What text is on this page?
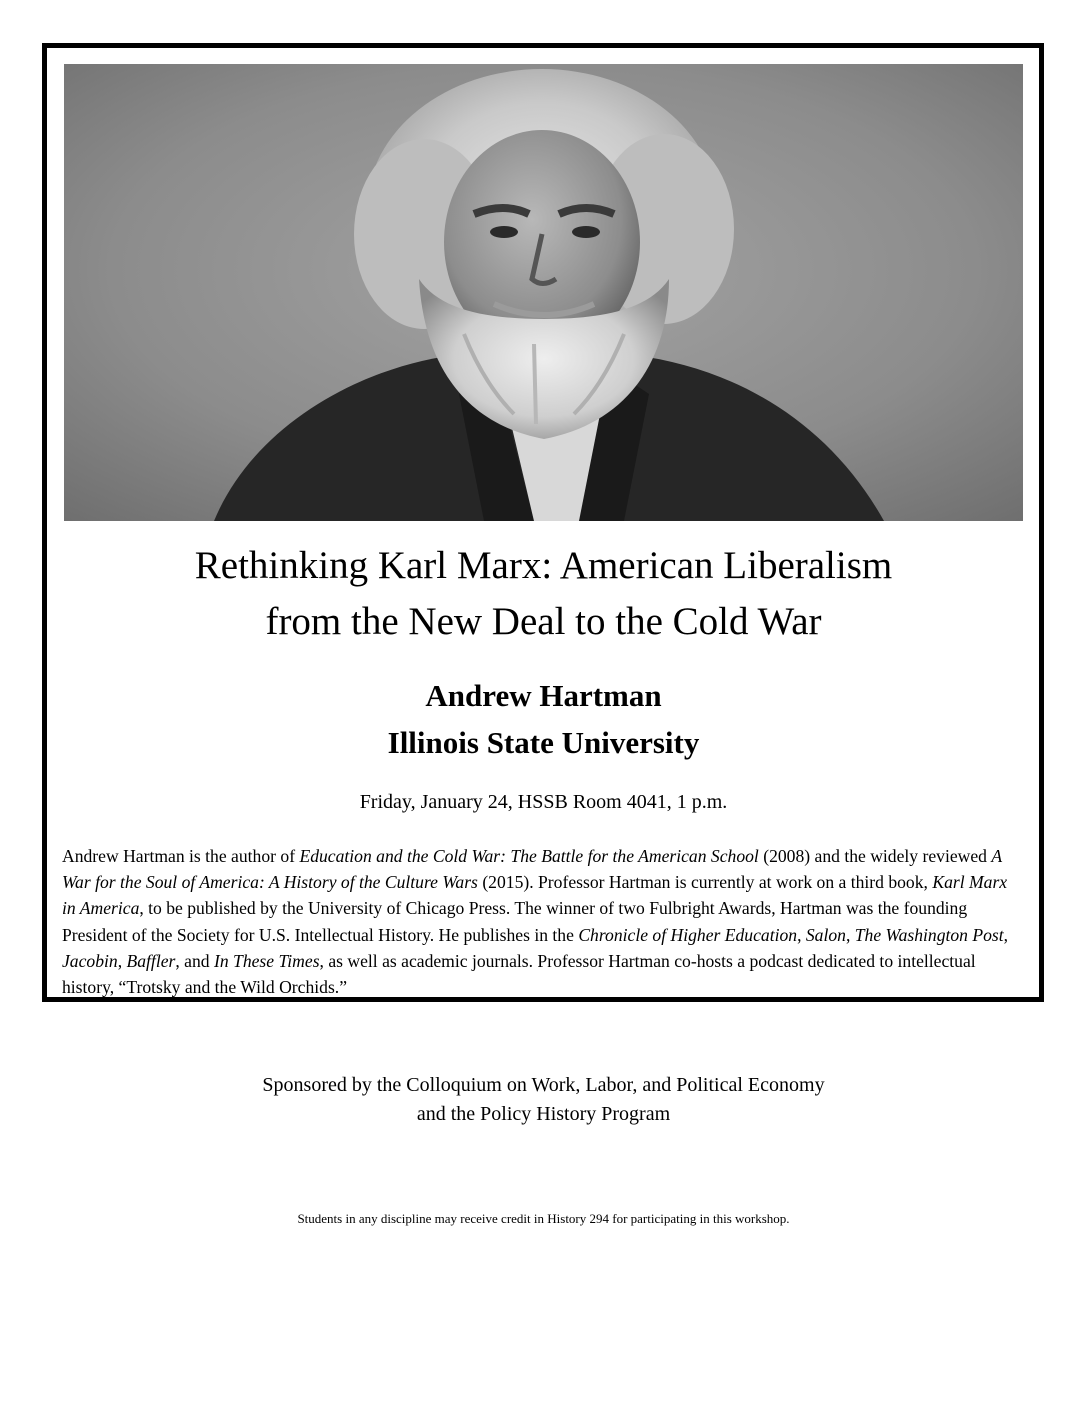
Rethinking Karl Marx: American Liberalism
from the New Deal to the Cold War
Andrew Hartman
Illinois State University
Friday, January 24, HSSB Room 4041, 1 p.m.

Andrew Hartman is the author of Education and the Cold War: The Battle for the American School (2008) and the widely reviewed A War for the Soul of America: A History of the Culture Wars (2015). Professor Hartman is currently at work on a third book, Karl Marx in America, to be published by the University of Chicago Press. The winner of two Fulbright Awards, Hartman was the founding President of the Society for U.S. Intellectual History. He publishes in the Chronicle of Higher Education, Salon, The Washington Post, Jacobin, Baffler, and In These Times, as well as academic journals. Professor Hartman co-hosts a podcast dedicated to intellectual history, “Trotsky and the Wild Orchids.”

Sponsored by the Colloquium on Work, Labor, and Political Economy
and the Policy History Program
Students in any discipline may receive credit in History 294 for participating in this workshop.
